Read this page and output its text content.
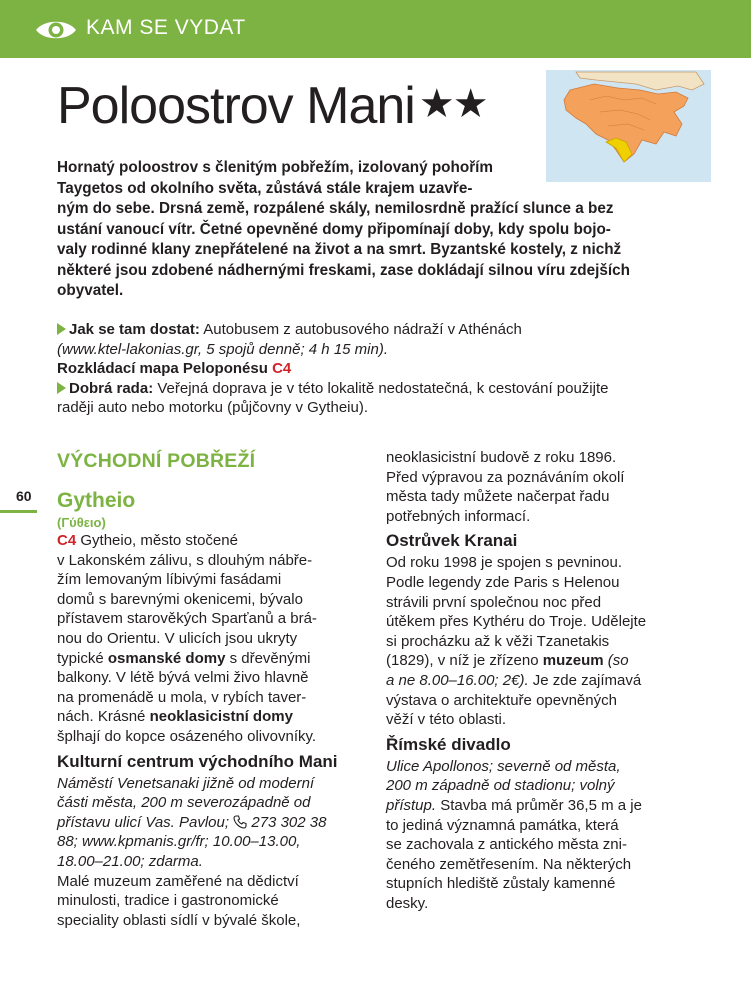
KAM SE VYDAT
Poloostrov Mani ★★

Hornatý poloostrov s členitým pobřežím, izolovaný pohořím
Taygetos od okolního světa, zůstává stále krajem uzavře-
ným do sebe. Drsná země, rozpálené skály, nemilosrdně pražící slunce a bez
ustání vanoucí vítr. Četné opevněné domy připomínají doby, kdy spolu bojo-
valy rodinné klany znepřátelené na život a na smrt. Byzantské kostely, z nichž
některé jsou zdobené nádhernými freskami, zase dokládají silnou víru zdejších
obyvatel.

Jak se tam dostat: Autobusem z autobusového nádraží v Athénách
(www.ktel-lakonias.gr, 5 spojů denně; 4 h 15 min).
Rozkládací mapa Peloponésu C4
Dobrá rada: Veřejná doprava je v této lokalitě nedostatečná, k cestování použijte
raději auto nebo motorku (půjčovny v Gytheiu).
60
VÝCHODNÍ POBŘEŽÍ
Gytheio

(Γύθειο)

C4 Gytheio, město stočené
v Lakonském zálivu, s dlouhým nábře-
žím lemovaným líbivými fasádami
domů s barevnými okenicemi, bývalo
přístavem starověkých Sparťanů a brá-
nou do Orientu. V ulicích jsou ukryty
typické osmanské domy s dřevěnými
balkony. V létě bývá velmi živo hlavně
na promenádě u mola, v rybích taver-
nách. Krásné neoklasicistní domy
šplhají do kopce osázeného olivovníky.

Kulturní centrum východního Mani

Náměstí Venetsanaki jižně od moderní
části města, 200 m severozápadně od
přístavu ulicí Vas. Pavlou;  273 302 38
88; www.kpmanis.gr/fr; 10.00–13.00,
18.00–21.00; zdarma.

Malé muzeum zaměřené na dědictví
minulosti, tradice i gastronomické
speciality oblasti sídlí v bývalé škole,

neoklasicistní budově z roku 1896.
Před výpravou za poznáváním okolí
města tady můžete načerpat řadu
potřebných informací.

Ostrůvek Kranai

Od roku 1998 je spojen s pevninou.
Podle legendy zde Paris s Helenou
strávili první společnou noc před
útěkem přes Kythéru do Troje. Udělejte
si procházku až k věži Tzanetakis
(1829), v níž je zřízeno muzeum (so
a ne 8.00–16.00; 2€). Je zde zajímavá
výstava o architektuře opevněných
věží v této oblasti.

Římské divadlo

Ulice Apollonos; severně od města,
200 m západně od stadionu; volný
přístup. Stavba má průměr 36,5 m a je
to jediná významná památka, která
se zachovala z antického města zni-
čeného zemětřesením. Na některých
stupních hlediště zůstaly kamenné
desky.
